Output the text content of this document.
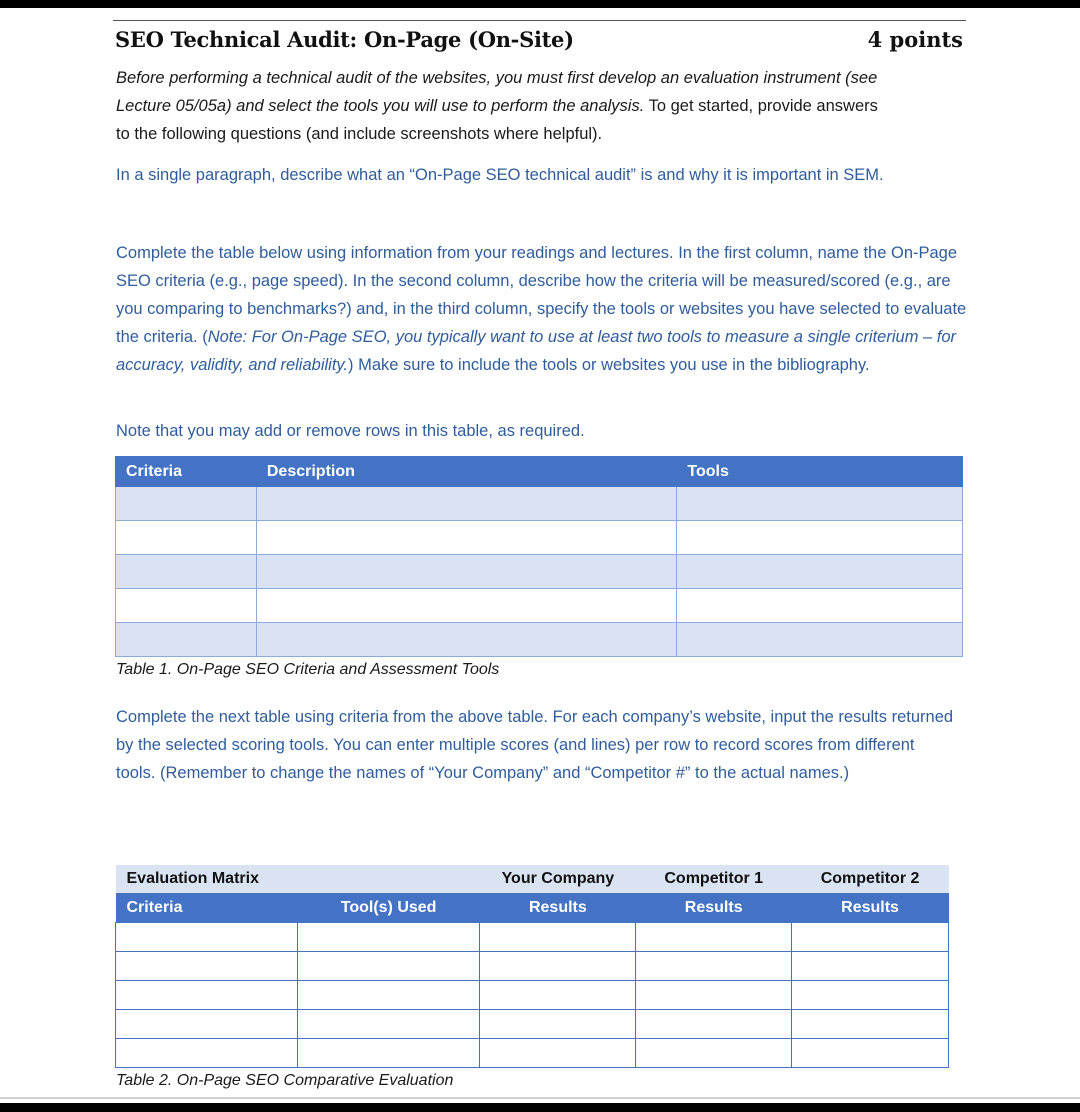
SEO Technical Audit: On-Page (On-Site)	4 points

Before performing a technical audit of the websites, you must first develop an evaluation instrument (see
Lecture 05/05a) and select the tools you will use to perform the analysis. To get started, provide answers
to the following questions (and include screenshots where helpful).

In a single paragraph, describe what an “On-Page SEO technical audit” is and why it is important in SEM.

Complete the table below using information from your readings and lectures. In the first column, name the On-Page SEO criteria (e.g., page speed). In the second column, describe how the criteria will be measured/scored (e.g., are you comparing to benchmarks?) and, in the third column, specify the tools or websites you have selected to evaluate the criteria. (Note: For On-Page SEO, you typically want to use at least two tools to measure a single criterium – for accuracy, validity, and reliability.) Make sure to include the tools or websites you use in the bibliography.

Note that you may add or remove rows in this table, as required.

Criteria	Description	Tools

Table 1. On-Page SEO Criteria and Assessment Tools

Complete the next table using criteria from the above table. For each company’s website, input the results returned by the selected scoring tools. You can enter multiple scores (and lines) per row to record scores from different tools. (Remember to change the names of “Your Company” and “Competitor #” to the actual names.)

Evaluation Matrix		Your Company	Competitor 1	Competitor 2
Criteria	Tool(s) Used	Results	Results	Results

Table 2. On-Page SEO Comparative Evaluation
